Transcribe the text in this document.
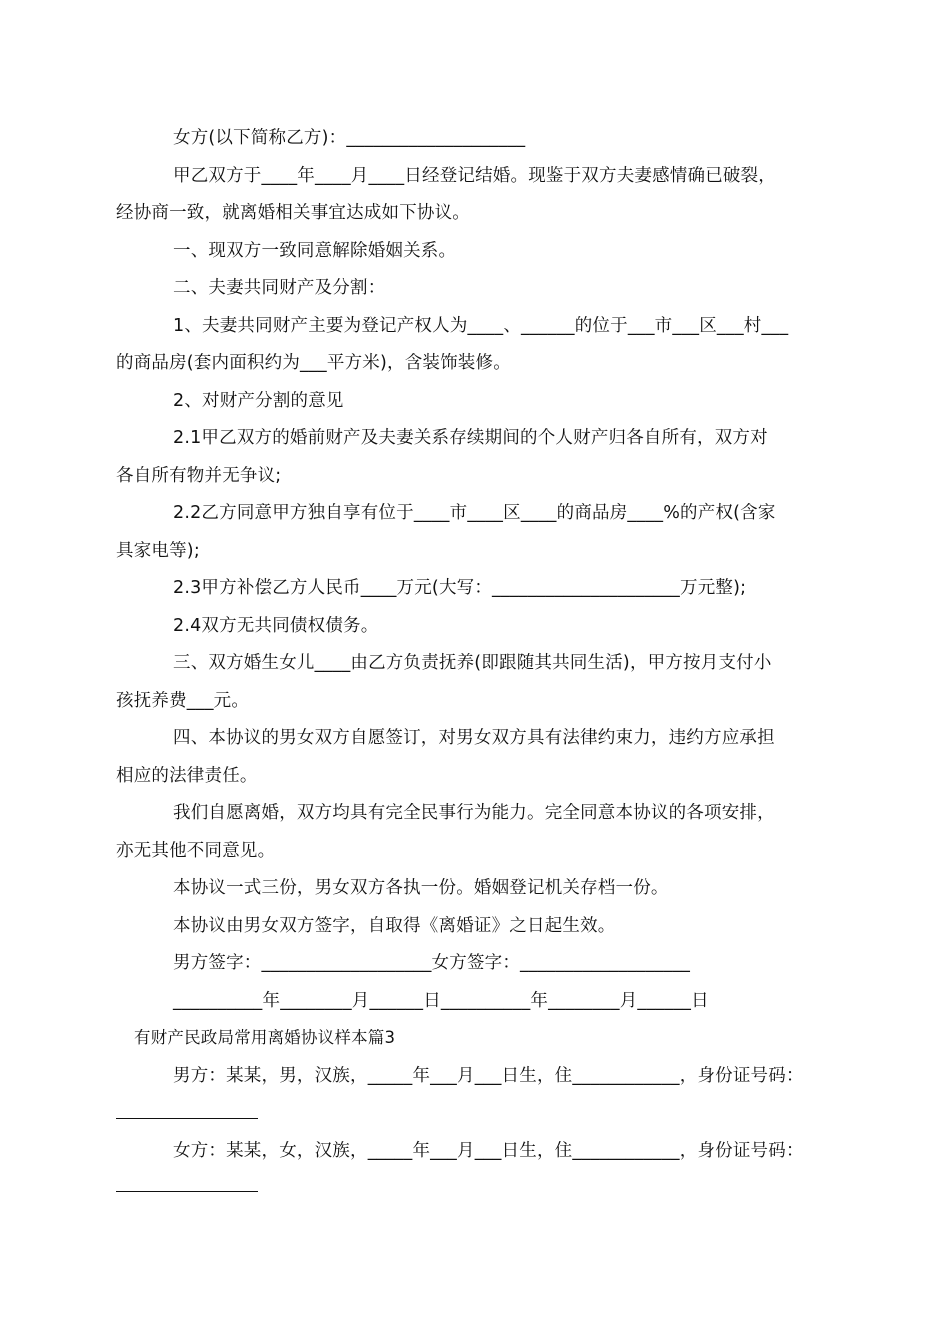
女方(以下简称乙方)：____________________
甲乙双方于____年____月____日经登记结婚。现鉴于双方夫妻感情确已破裂，
经协商一致，就离婚相关事宜达成如下协议。
一、现双方一致同意解除婚姻关系。
二、夫妻共同财产及分割：
1、夫妻共同财产主要为登记产权人为____、______的位于___市___区___村___
的商品房(套内面积约为___平方米)，含装饰装修。
2、对财产分割的意见
2.1甲乙双方的婚前财产及夫妻关系存续期间的个人财产归各自所有，双方对
各自所有物并无争议;
2.2乙方同意甲方独自享有位于____市____区____的商品房____%的产权(含家
具家电等);
2.3甲方补偿乙方人民币____万元(大写：_____________________万元整);
2.4双方无共同债权债务。
三、双方婚生女儿____由乙方负责抚养(即跟随其共同生活)，甲方按月支付小
孩抚养费___元。
四、本协议的男女双方自愿签订，对男女双方具有法律约束力，违约方应承担
相应的法律责任。
我们自愿离婚，双方均具有完全民事行为能力。完全同意本协议的各项安排，
亦无其他不同意见。
本协议一式三份，男女双方各执一份。婚姻登记机关存档一份。
本协议由男女双方签字，自取得《离婚证》之日起生效。
男方签字：___________________女方签字：___________________
__________年________月______日__________年________月______日
有财产民政局常用离婚协议样本篇3
男方：某某，男，汉族，_____年___月___日生，住____________，身份证号码：
女方：某某，女，汉族，_____年___月___日生，住____________，身份证号码：
